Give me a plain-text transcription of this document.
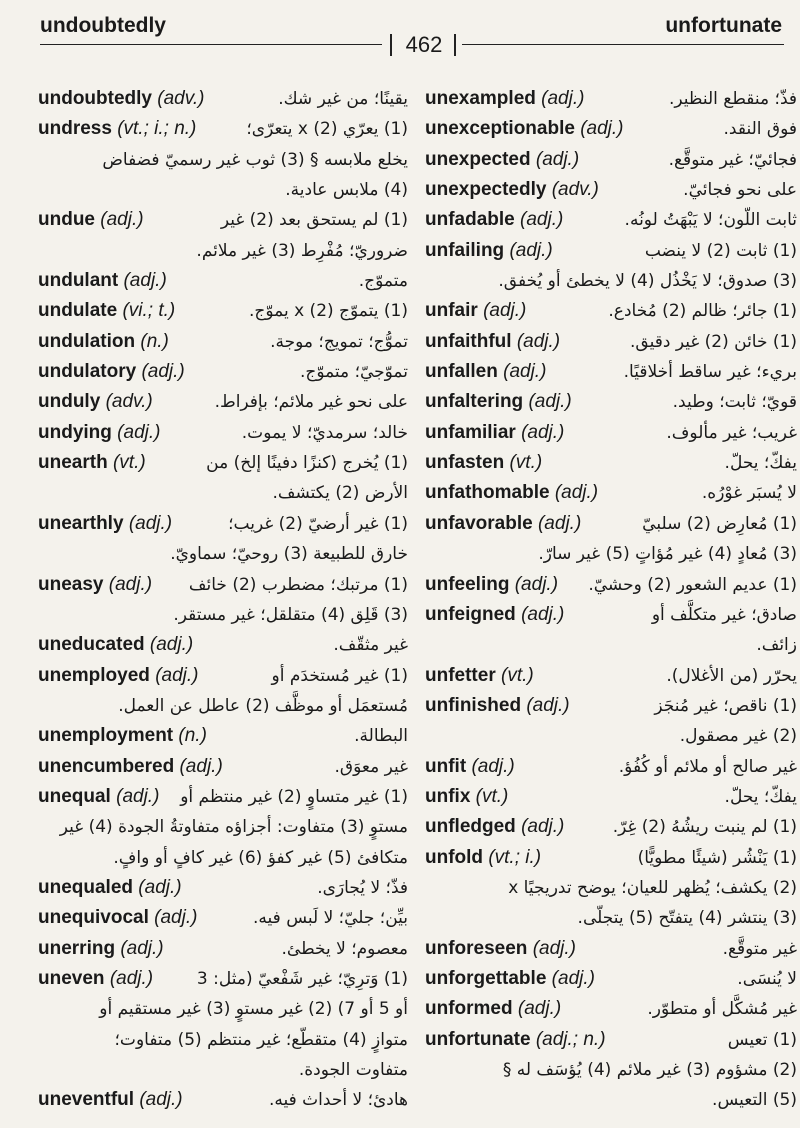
undoubtedly
462
unfortunate
undoubtedly (adv.)	يقينًا؛ من غير شك.
undress (vt.; i.; n.)	(1) يعرّي x (2) يتعرّى؛
يخلع ملابسه § (3) ثوب غير رسميّ فضفاض
(4) ملابس عادية.
undue (adj.)	(1) لم يستحق بعد (2) غير
ضروريّ؛ مُفْرِط (3) غير ملائم.
undulant (adj.)	متموّج.
undulate (vi.; t.)	(1) يتموّج x (2) يموّج.
undulation (n.)	تموُّج؛ تمويج؛ موجة.
undulatory (adj.)	تموّجيّ؛ متموّج.
unduly (adv.)	على نحو غير ملائم؛ بإفراط.
undying (adj.)	خالد؛ سرمديّ؛ لا يموت.
unearth (vt.)	(1) يُخرج (كنزًا دفينًا إلخ) من
الأرض (2) يكتشف.
unearthly (adj.)	(1) غير أرضيّ (2) غريب؛
خارق للطبيعة (3) روحيّ؛ سماويّ.
uneasy (adj.) (1) مرتبك؛ مضطرب (2) خائف
(3) قَلِق (4) متقلقل؛ غير مستقر.
uneducated (adj.)	غير مثقّف.
unemployed (adj.)	(1) غير مُستخدَم أو
مُستعمَل أو موظَّف (2) عاطل عن العمل.
unemployment (n.)	البطالة.
unencumbered (adj.)	غير معوَق.
unequal (adj.) (1) غير متساوٍ (2) غير منتظم أو
مستوٍ (3) متفاوت: أجزاؤه متفاوتةُ الجودة (4) غير
متكافئ (5) غير كفؤ (6) غير كافٍ أو وافٍ.
unequaled (adj.)	فذّ؛ لا يُجارَى.
unequivocal (adj.)	بيِّن؛ جليّ؛ لا لَبس فيه.
unerring (adj.)	معصوم؛ لا يخطئ.
uneven (adj.)	(1) وَترِيّ؛ غير شَفْعيّ (مثل: 3
أو 5 أو 7) (2) غير مستوٍ (3) غير مستقيم أو
متوازٍ (4) متقطّع؛ غير منتظم (5) متفاوت؛
متفاوت الجودة.
uneventful (adj.)	هادئ؛ لا أحداث فيه.
unexampled (adj.)	فذّ؛ منقطع النظير.
unexceptionable (adj.)	فوق النقد.
unexpected (adj.)	فجائيّ؛ غير متوقَّع.
unexpectedly (adv.)	على نحو فجائيّ.
unfadable (adj.)	ثابت اللّون؛ لا يَبْهَتُ لونُه.
unfailing (adj.)	(1) ثابت (2) لا ينضب
(3) صدوق؛ لا يَخْذُل (4) لا يخطئ أو يُخفق.
unfair (adj.)	(1) جائر؛ ظالم (2) مُخادع.
unfaithful (adj.)	(1) خائن (2) غير دقيق.
unfallen (adj.)	بريء؛ غير ساقط أخلاقيًا.
unfaltering (adj.)	قويّ؛ ثابت؛ وطيد.
unfamiliar (adj.)	غريب؛ غير مألوف.
unfasten (vt.)	يفكّ؛ يحلّ.
unfathomable (adj.)	لا يُسبَر غوْرُه.
unfavorable (adj.)	(1) مُعارِض (2) سلبيّ
(3) مُعادٍ (4) غير مُؤاتٍ (5) غير سارّ.
unfeeling (adj.) (1) عديم الشعور (2) وحشيّ.
unfeigned (adj.)	صادق؛ غير متكلَّف أو
زائف.
unfetter (vt.)	يحرّر (من الأغلال).
unfinished (adj.)	(1) ناقص؛ غير مُنجَز
(2) غير مصقول.
unfit (adj.)	غير صالح أو ملائم أو كُفُؤ.
unfix (vt.)	يفكّ؛ يحلّ.
unfledged (adj.)	(1) لم ينبت ريشُهُ (2) غِرّ.
unfold (vt.; i.)	(1) يَنْشُر (شيئًا مطويًّا)
(2) يكشف؛ يُظهر للعيان؛ يوضح تدريجيًا x
(3) ينتشر (4) يتفتّح (5) يتجلّى.
unforeseen (adj.)	غير متوقَّع.
unforgettable (adj.)	لا يُنسَى.
unformed (adj.)	غير مُشكَّل أو متطوّر.
unfortunate (adj.; n.)	(1) تعيس
(2) مشؤوم (3) غير ملائم (4) يُؤسَف له §
(5) التعيس.
